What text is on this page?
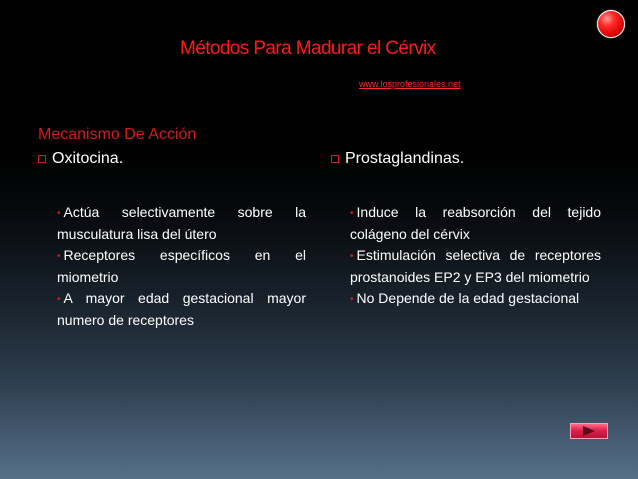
Métodos Para Madurar el Cérvix
www.losprofesionales.net
Mecanismo De Acción
Oxitocina.	Prostaglandinas.
• Actúa selectivamente sobre la musculatura lisa del útero
• Receptores específicos en el miometrio
• A mayor edad gestacional mayor numero de receptores
• Induce la reabsorción del tejido colágeno del cérvix
• Estimulación selectiva de receptores prostanoides EP2 y EP3 del miometrio
• No Depende de la edad gestacional
